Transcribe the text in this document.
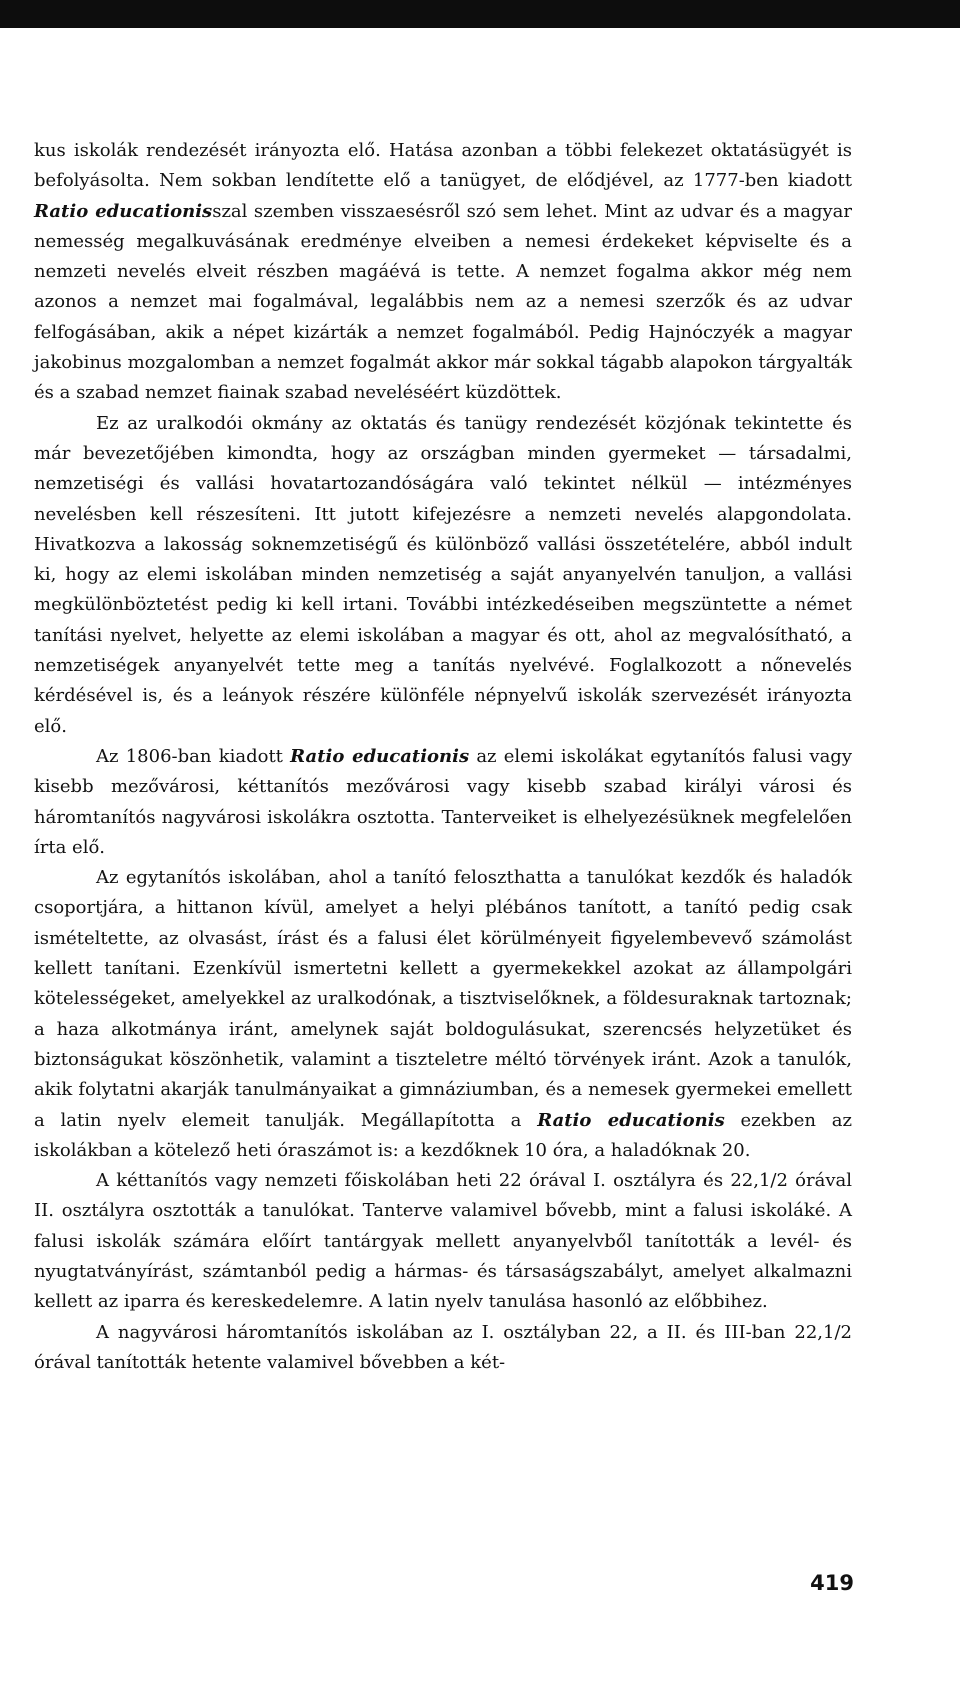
kus iskolák rendezését irányozta elő. Hatása azonban a többi felekezet oktatásügyét is befolyásolta. Nem sokban lendítette elő a tanügyet, de elődjével, az 1777-ben kiadott Ratio educationisszal szemben visszaesésről szó sem lehet. Mint az udvar és a magyar nemesség megalkuvásának eredménye elveiben a nemesi érdekeket képviselte és a nemzeti nevelés elveit részben magáévá is tette. A nemzet fogalma akkor még nem azonos a nemzet mai fogalmával, legalábbis nem az a nemesi szerzők és az udvar felfogásában, akik a népet kizárták a nemzet fogalmából. Pedig Hajnóczyék a magyar jakobinus mozgalomban a nemzet fogalmát akkor már sokkal tágabb alapokon tárgyalták és a szabad nemzet fiainak szabad neveléséért küzdöttek.

Ez az uralkodói okmány az oktatás és tanügy rendezését közjónak tekintette és már bevezetőjében kimondta, hogy az országban minden gyermeket — társadalmi, nemzetiségi és vallási hovatartozandóságára való tekintet nélkül — intézményes nevelésben kell részesíteni. Itt jutott kifejezésre a nemzeti nevelés alapgondolata. Hivatkozva a lakosság soknemzetiségű és különböző vallási összetételére, abból indult ki, hogy az elemi iskolában minden nemzetiség a saját anyanyelvén tanuljon, a vallási megkülönböztetést pedig ki kell irtani. További intézkedéseiben megszüntette a német tanítási nyelvet, helyette az elemi iskolában a magyar és ott, ahol az megvalósítható, a nemzetiségek anyanyelvét tette meg a tanítás nyelvévé. Foglalkozott a nőnevelés kérdésével is, és a leányok részére különféle népnyelvű iskolák szervezését irányozta elő.

Az 1806-ban kiadott Ratio educationis az elemi iskolákat egytanítós falusi vagy kisebb mezővárosi, kéttanítós mezővárosi vagy kisebb szabad királyi városi és háromtanítós nagyvárosi iskolákra osztotta. Tanterveiket is elhelyezésüknek megfelelően írta elő.

Az egytanítós iskolában, ahol a tanító feloszthatta a tanulókat kezdők és haladók csoportjára, a hittanon kívül, amelyet a helyi plébános tanított, a tanító pedig csak ismételtette, az olvasást, írást és a falusi élet körülményeit figyelembevevő számolást kellett tanítani. Ezenkívül ismertetni kellett a gyermekekkel azokat az állampolgári kötelességeket, amelyekkel az uralkodónak, a tisztviselőknek, a földesuraknak tartoznak; a haza alkotmánya iránt, amelynek saját boldogulásukat, szerencsés helyzetüket és biztonságukat köszönhetik, valamint a tiszteletre méltó törvények iránt. Azok a tanulók, akik folytatni akarják tanulmányaikat a gimnáziumban, és a nemesek gyermekei emellett a latin nyelv elemeit tanulják. Megállapította a Ratio educationis ezekben az iskolákban a kötelező heti óraszámot is: a kezdőknek 10 óra, a haladóknak 20.

A kéttanítós vagy nemzeti főiskolában heti 22 órával I. osztályra és 22,1/2 órával II. osztályra osztották a tanulókat. Tanterve valamivel bővebb, mint a falusi iskoláké. A falusi iskolák számára előírt tantárgyak mellett anyanyelvből tanították a levél- és nyugtatványírást, számtanból pedig a hármas- és társaságszabályt, amelyet alkalmazni kellett az iparra és kereskedelemre. A latin nyelv tanulása hasonló az előbbihez.

A nagyvárosi háromtanítós iskolában az I. osztályban 22, a II. és III-ban 22,1/2 órával tanították hetente valamivel bővebben a két-

419
